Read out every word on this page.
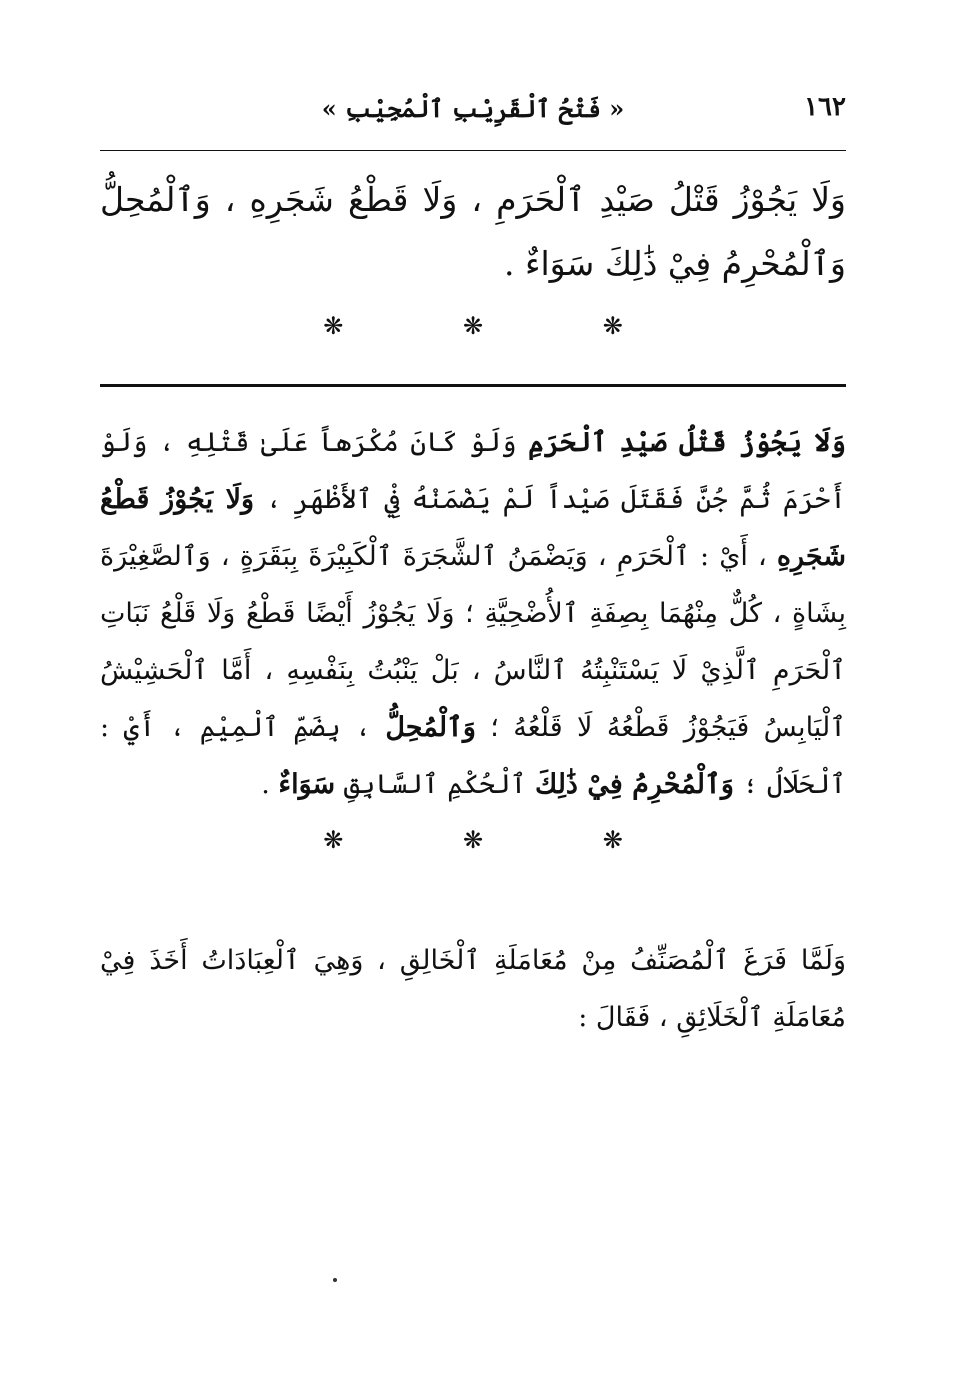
١٦٢
« فَتْحُ ٱلْقَرِيْبِ ٱلْمُجِيْبِ »

وَلَا يَجُوْزُ قَتْلُ صَيْدِ ٱلْحَرَمِ ، وَلَا قَطْعُ شَجَرِهِ ، وَٱلْمُحِلُّ وَٱلْمُحْرِمُ فِيْ ذَٰلِكَ سَوَاءٌ .

❋ ❋ ❋

وَلَا يَجُوْزُ قَتْلُ صَيْدِ ٱلْحَرَمِ وَلَوْ كَانَ مُكْرَهاً عَلَىٰ قَتْلِهِ ، وَلَوْ أَحْرَمَ ثُمَّ جُنَّ فَقَتَلَ صَيْداً لَمْ يَضْمَنْهُ فِيْ ٱلأَظْهَرِ ، وَلَا يَجُوْزُ قَطْعُ شَجَرِهِ ، أَيْ : ٱلْحَرَمِ ، وَيَضْمَنُ ٱلشَّجَرَةَ ٱلْكَبِيْرَةَ بِبَقَرَةٍ ، وَٱلصَّغِيْرَةَ بِشَاةٍ ، كُلٌّ مِنْهُمَا بِصِفَةِ ٱلأُضْحِيَّةِ ؛ وَلَا يَجُوْزُ أَيْضًا قَطْعُ وَلَا قَلْعُ نَبَاتِ ٱلْحَرَمِ ٱلَّذِيْ لَا يَسْتَنْبِتُهُ ٱلنَّاسُ ، بَلْ يَنْبُتُ بِنَفْسِهِ ، أَمَّا ٱلْحَشِيْشُ ٱلْيَابِسُ فَيَجُوْزُ قَطْعُهُ لَا قَلْعُهُ ؛ وَٱلْمُحِلُّ ، بِضَمِّ ٱلْمِيْمِ ، أَيْ : ٱلْحَلَالُ ؛ وَٱلْمُحْرِمُ فِيْ ذَٰلِكَ ٱلْحُكْمِ ٱلسَّابِقِ سَوَاءٌ .

❋ ❋ ❋

وَلَمَّا فَرَغَ ٱلْمُصَنِّفُ مِنْ مُعَامَلَةِ ٱلْخَالِقِ ، وَهِيَ ٱلْعِبَادَاتُ أَخَذَ فِيْ مُعَامَلَةِ ٱلْخَلَائِقِ ، فَقَالَ :
